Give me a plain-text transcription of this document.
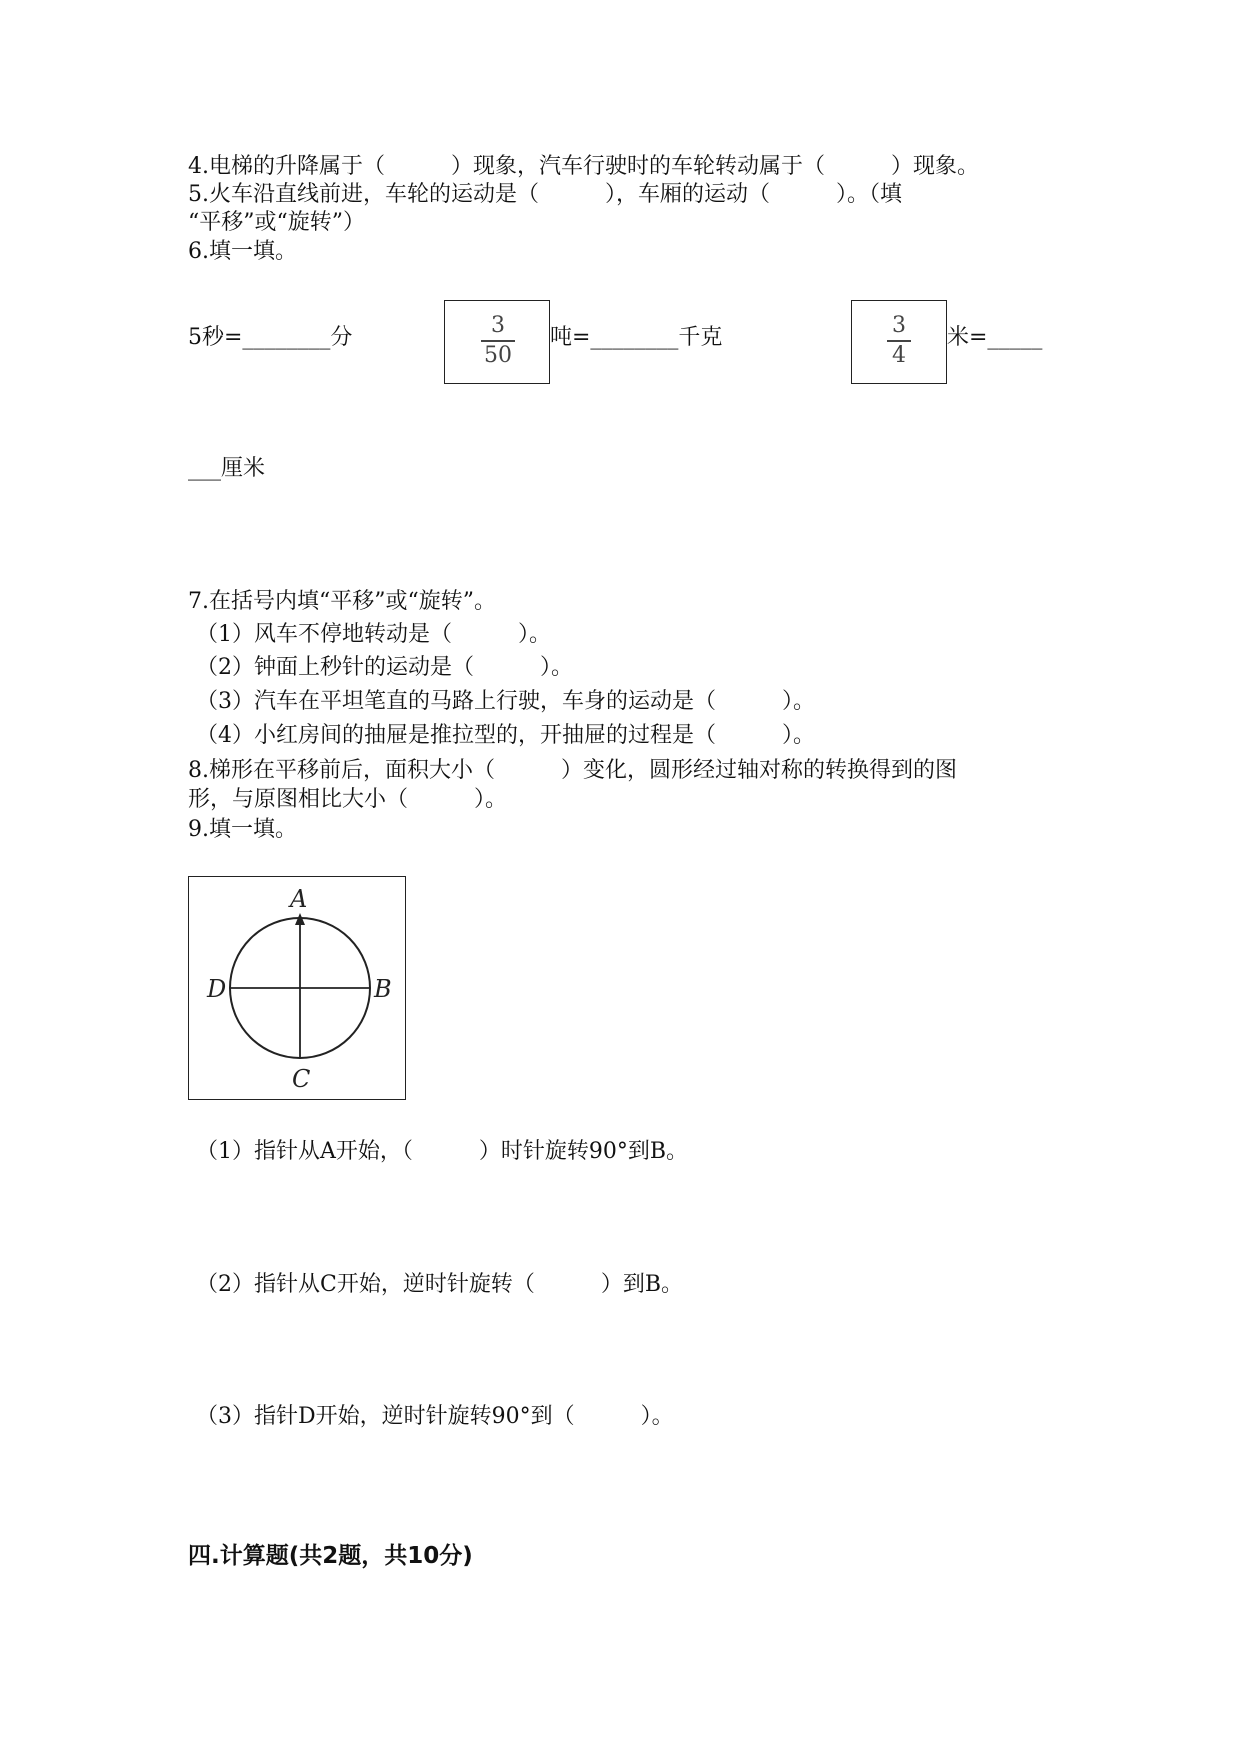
4.电梯的升降属于（　　　）现象，汽车行驶时的车轮转动属于（　　　）现象。
5.火车沿直线前进，车轮的运动是（　　　），车厢的运动（　　　）。（填
“平移”或“旋转”）
6.填一填。
5秒=________分	3
50
吨=________千克	3
4
米=_____
___厘米
7.在括号内填“平移”或“旋转”。
（1）风车不停地转动是（　　　）。
（2）钟面上秒针的运动是（　　　）。
（3）汽车在平坦笔直的马路上行驶，车身的运动是（　　　）。
（4）小红房间的抽屉是推拉型的，开抽屉的过程是（　　　）。
8.梯形在平移前后，面积大小（　　　）变化，圆形经过轴对称的转换得到的图
形，与原图相比大小（　　　）。
9.填一填。
A
B
C
D
（1）指针从A开始，（　　　）时针旋转90°到B。
（2）指针从C开始，逆时针旋转（　　　）到B。
（3）指针D开始，逆时针旋转90°到（　　　）。
四.计算题(共2题，共10分)
